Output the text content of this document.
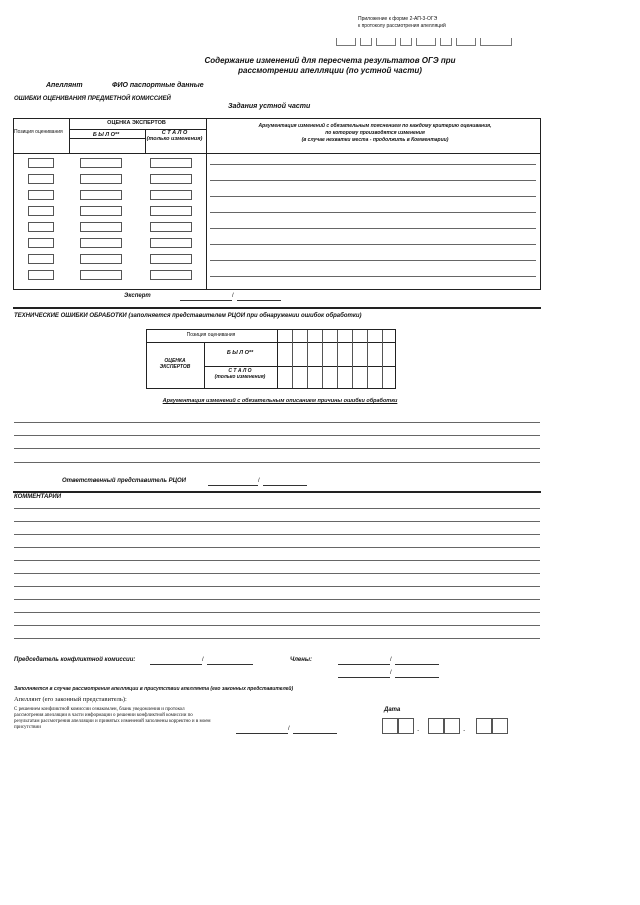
Приложение к форме 2-АП-3-ОГЭ
к протоколу рассмотрения апелляций
Содержание изменений для пересчета результатов ОГЭ при
рассмотрении апелляции (по устной части)
Апеллянт	ФИО паспортные данные
ОШИБКИ ОЦЕНИВАНИЯ ПРЕДМЕТНОЙ КОМИССИЕЙ
Задания устной части
Позиция оценивания
ОЦЕНКА ЭКСПЕРТОВ
Б Ы Л О**	С Т А Л О
(только изменения)
Аргументация изменений с обязательным пояснением по каждому критерию оценивания,
по которому производятся изменения
(в случае нехватки места - продолжить в Комментарии)
Эксперт	/
ТЕХНИЧЕСКИЕ ОШИБКИ ОБРАБОТКИ (заполняется представителем РЦОИ при обнаружении ошибок обработки)
Позиция оценивания
ОЦЕНКА
ЭКСПЕРТОВ
Б Ы Л О**
С Т А Л О
(только изменения)
Аргументация изменений с обязательным описанием причины ошибки обработки
Ответственный представитель РЦОИ	/
КОММЕНТАРИИ
Председатель конфликтной комиссии:	/	Члены:	/
/
Заполняется в случае рассмотрения апелляции в присутствии апеллянта (его законных представителей)
Апеллянт (его законный представитель):
С решением конфликтной комиссии ознакомлен, бланк уведомления и протокол
рассмотрения апелляции в части информации о решении конфликтной комиссии по
результатам рассмотрения апелляции и принятых изменений заполнены корректно и в моем
присутствии	/
Дата
.	.
